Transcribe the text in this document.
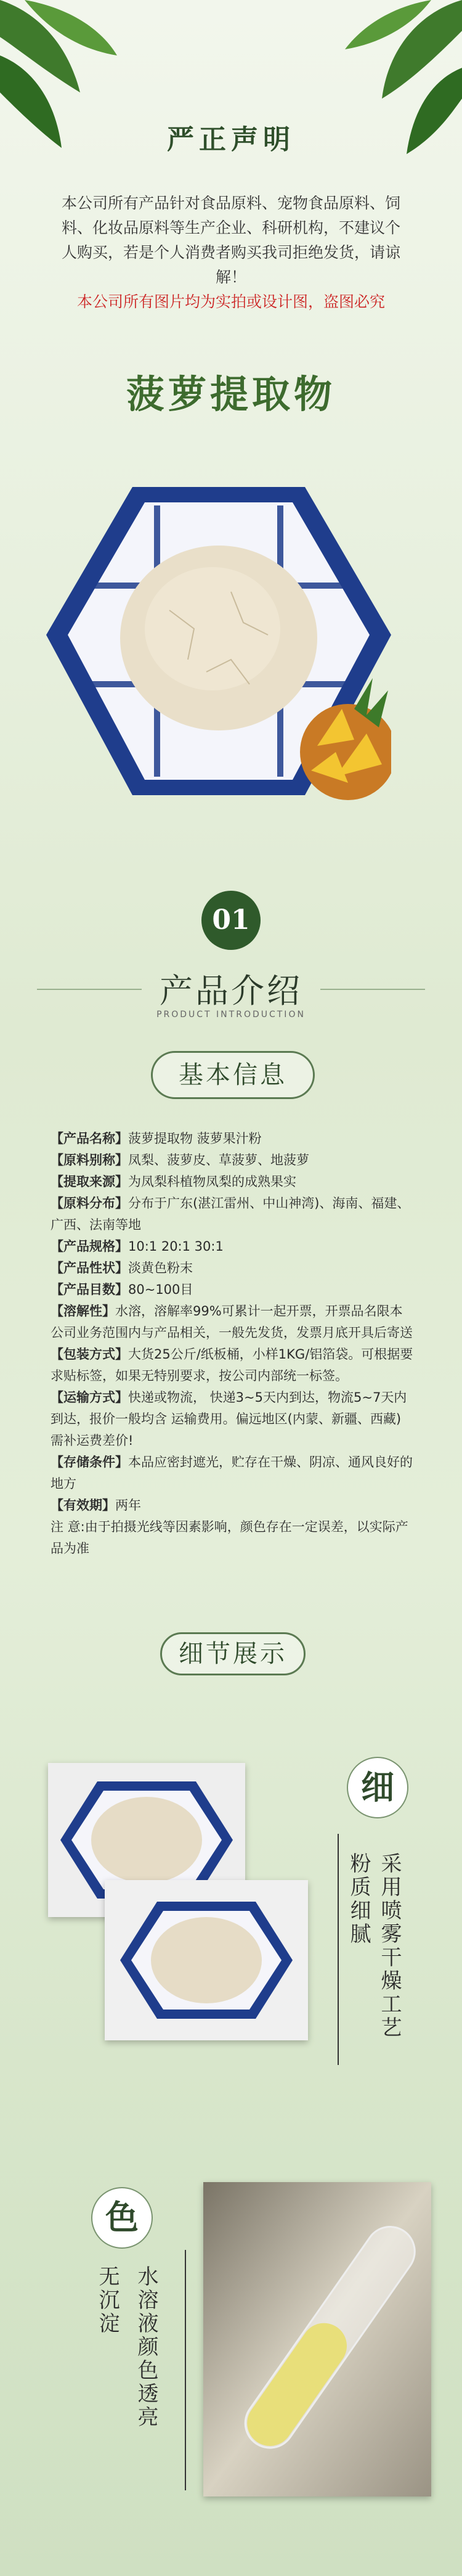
严正声明
本公司所有产品针对食品原料、宠物食品原料、饲料、化妆品原料等生产企业、科研机构，不建议个人购买，若是个人消费者购买我司拒绝发货，请谅解！
本公司所有图片均为实拍或设计图，盗图必究
菠萝提取物
01
产品介绍
PRODUCT INTRODUCTION
基本信息
【产品名称】菠萝提取物 菠萝果汁粉
【原料别称】凤梨、菠萝皮、草菠萝、地菠萝
【提取来源】为凤梨科植物凤梨的成熟果实
【原料分布】分布于广东(湛江雷州、中山神湾)、海南、福建、广西、法南等地
【产品规格】10:1 20:1 30:1
【产品性状】淡黄色粉末
【产品目数】80~100目
【溶解性】水溶，溶解率99%可累计一起开票，开票品名限本公司业务范围内与产品相关，一般先发货，发票月底开具后寄送
【包装方式】大货25公斤/纸板桶，小样1KG/铝箔袋。可根据要求贴标签，如果无特别要求，按公司内部统一标签。
【运输方式】快递或物流， 快递3~5天内到达，物流5~7天内到达，报价一般均含 运输费用。偏远地区(内蒙、新疆、西藏)需补运费差价!
【存储条件】本品应密封遮光，贮存在干燥、阴凉、通风良好的地方
【有效期】两年
注 意:由于拍摄光线等因素影响，颜色存在一定误差，以实际产品为准
细节展示
细
采用喷雾干燥工艺
粉质细腻
色
水溶液颜色透亮
无沉淀
